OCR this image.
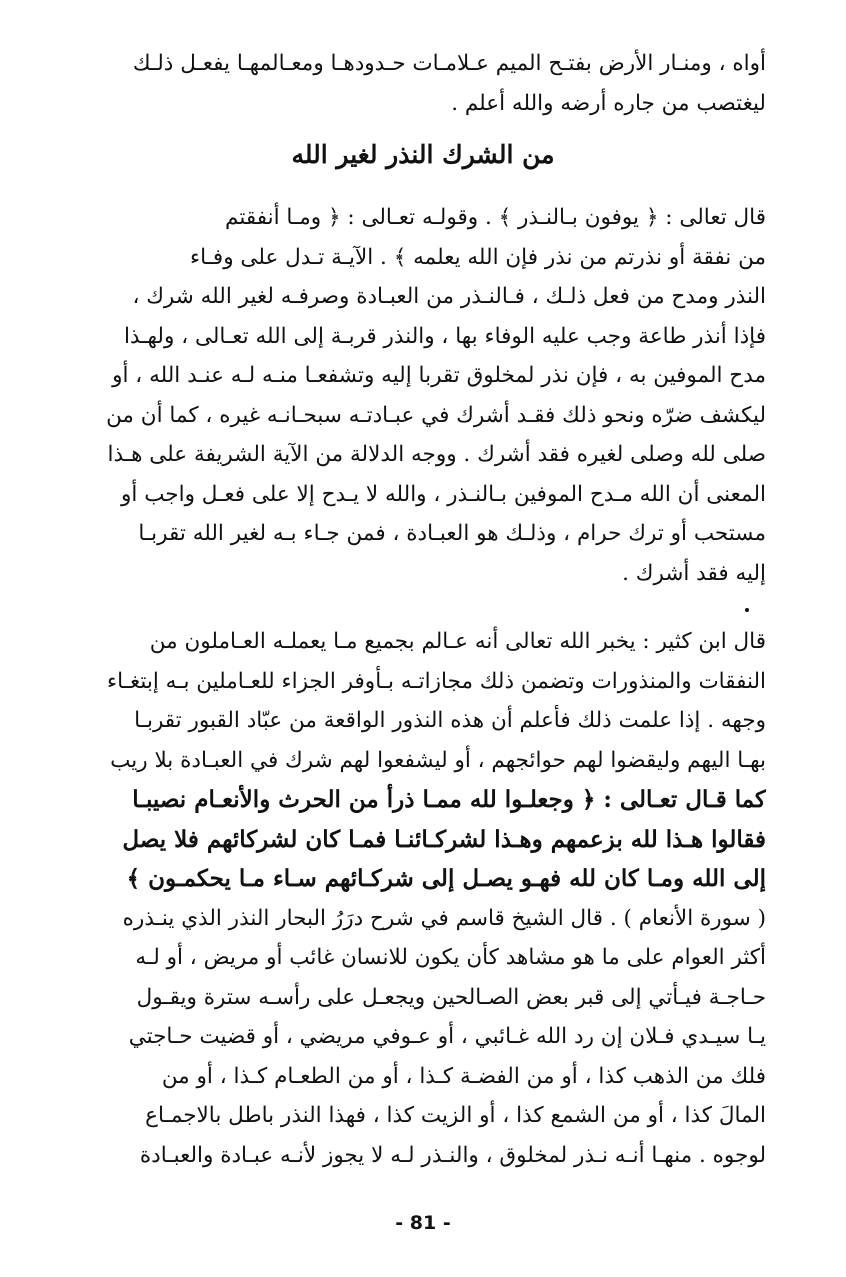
أواه ، ومنـار الأرض بفتـح الميم عـلامـات حـدودهـا ومعـالمهـا يفعـل ذلـك
ليغتصب من جاره أرضه والله أعلم .
من الشرك النذر لغير الله
قال تعالى : ﴿ يوفون بـالنـذر ﴾ . وقولـه تعـالى : ﴿ ومـا أنفقتم
من نفقة أو نذرتم من نذر فإن الله يعلمه ﴾ . الآيـة تـدل على وفـاء
النذر ومدح من فعل ذلـك ، فـالنـذر من العبـادة وصرفـه لغير الله شرك ،
فإذا أنذر طاعة وجب عليه الوفاء بها ، والنذر قربـة إلى الله تعـالى ، ولهـذا
مدح الموفين به ، فإن نذر لمخلوق تقربا إليه وتشفعـا منـه لـه عنـد الله ، أو
ليكشف ضرّه ونحو ذلك فقـد أشرك في عبـادتـه سبحـانـه غيره ، كما أن من
صلى لله وصلى لغيره فقد أشرك . ووجه الدلالة من الآية الشريفة على هـذا
المعنى أن الله مـدح الموفين بـالنـذر ، والله لا يـدح إلا على فعـل واجب أو
مستحب أو ترك حرام ، وذلـك هو العبـادة ، فمن جـاء بـه لغير الله تقربـا
إليه فقد أشرك .
قال ابن كثير : يخبر الله تعالى أنه عـالم بجميع مـا يعملـه العـاملون من
النفقات والمنذورات وتضمن ذلك مجازاتـه بـأوفر الجزاء للعـاملين بـه إبتغـاء
وجهه . إذا علمت ذلك فأعلم أن هذه النذور الواقعة من عبّاد القبور تقربـا
بهـا اليهم وليقضوا لهم حوائجهم ، أو ليشفعوا لهم شرك في العبـادة بلا ريب
كما قـال تعـالى : ﴿ وجعلـوا لله ممـا ذرأ من الحرث والأنعـام نصيبـا
فقالوا هـذا لله بزعمهم وهـذا لشركـائنـا فمـا كان لشركائهم فلا يصل
إلى الله ومـا كان لله فهـو يصـل إلى شركـائهم سـاء مـا يحكمـون ﴾
( سورة الأنعام ) . قال الشيخ قاسم في شرح درَرُ البحار النذر الذي ينـذره
أكثر العوام على ما هو مشاهد كأن يكون للانسان غائب أو مريض ، أو لـه
حـاجـة فيـأتي إلى قبر بعض الصـالحين ويجعـل على رأسـه سترة ويقـول
يـا سيـدي فـلان إن رد الله غـائبي ، أو عـوفي مريضي ، أو قضيت حـاجتي
فلك من الذهب كذا ، أو من الفضـة كـذا ، أو من الطعـام كـذا ، أو من
المالَ كذا ، أو من الشمع كذا ، أو الزيت كذا ، فهذا النذر باطل بالاجمـاع
لوجوه . منهـا أنـه نـذر لمخلوق ، والنـذر لـه لا يجوز لأنـه عبـادة والعبـادة
- 81 -
